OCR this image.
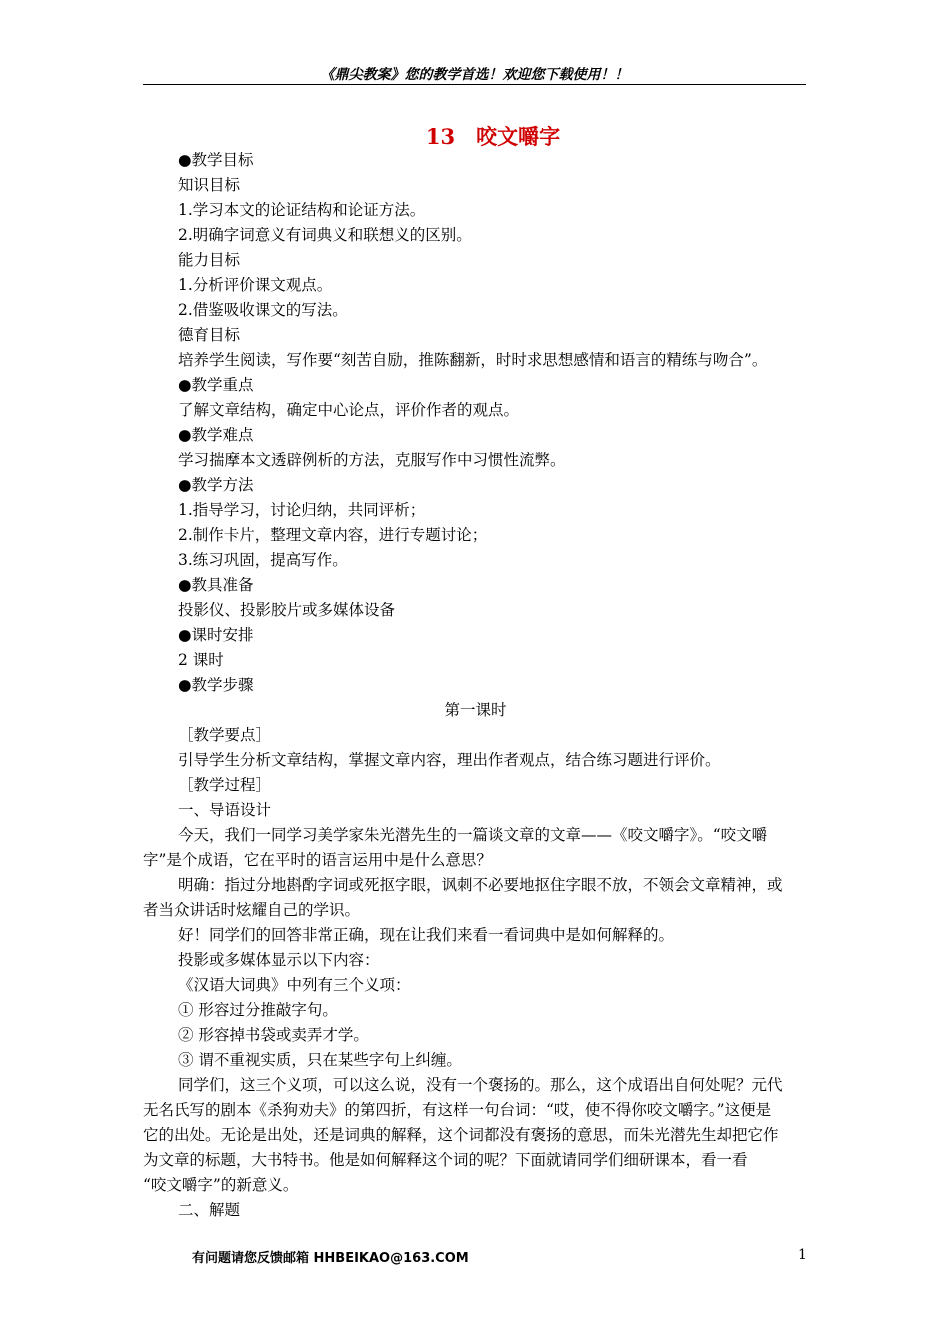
《鼎尖教案》您的教学首选！欢迎您下载使用！！
13　咬文嚼字
●教学目标
知识目标
1.学习本文的论证结构和论证方法。
2.明确字词意义有词典义和联想义的区别。
能力目标
1.分析评价课文观点。
2.借鉴吸收课文的写法。
德育目标
培养学生阅读，写作要“刻苦自励，推陈翻新，时时求思想感情和语言的精练与吻合”。
●教学重点
了解文章结构，确定中心论点，评价作者的观点。
●教学难点
学习揣摩本文透辟例析的方法，克服写作中习惯性流弊。
●教学方法
1.指导学习，讨论归纳，共同评析；
2.制作卡片，整理文章内容，进行专题讨论；
3.练习巩固，提高写作。
●教具准备
投影仪、投影胶片或多媒体设备
●课时安排
2 课时
●教学步骤
第一课时
［教学要点］
引导学生分析文章结构，掌握文章内容，理出作者观点，结合练习题进行评价。
［教学过程］
一、导语设计
今天，我们一同学习美学家朱光潜先生的一篇谈文章的文章——《咬文嚼字》。“咬文嚼
字”是个成语，它在平时的语言运用中是什么意思？
明确：指过分地斟酌字词或死抠字眼，讽刺不必要地抠住字眼不放，不领会文章精神，或
者当众讲话时炫耀自己的学识。
好！同学们的回答非常正确，现在让我们来看一看词典中是如何解释的。
投影或多媒体显示以下内容：
《汉语大词典》中列有三个义项：
① 形容过分推敲字句。
② 形容掉书袋或卖弄才学。
③ 谓不重视实质，只在某些字句上纠缠。
同学们，这三个义项，可以这么说，没有一个褒扬的。那么，这个成语出自何处呢？元代
无名氏写的剧本《杀狗劝夫》的第四折，有这样一句台词：“哎，使不得你咬文嚼字。”这便是
它的出处。无论是出处，还是词典的解释，这个词都没有褒扬的意思，而朱光潜先生却把它作
为文章的标题，大书特书。他是如何解释这个词的呢？下面就请同学们细研课本，看一看
“咬文嚼字”的新意义。
二、解题
有问题请您反馈邮箱 HHBEIKAO@163.COM	1
